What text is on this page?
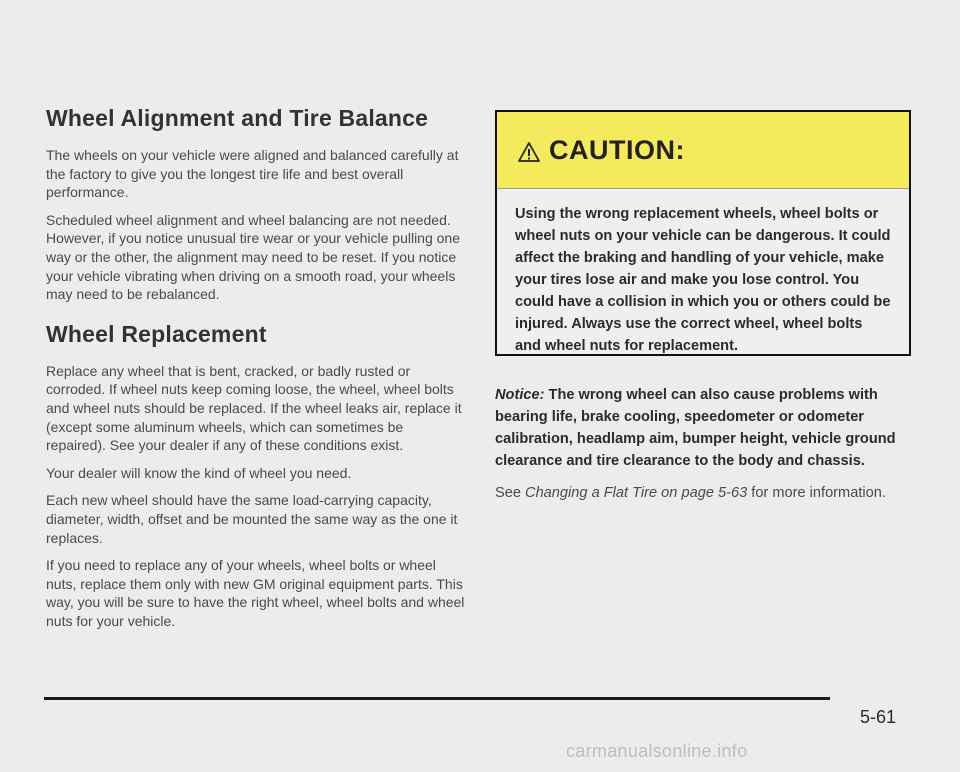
Wheel Alignment and Tire Balance

The wheels on your vehicle were aligned and balanced carefully at the factory to give you the longest tire life and best overall performance.

Scheduled wheel alignment and wheel balancing are not needed. However, if you notice unusual tire wear or your vehicle pulling one way or the other, the alignment may need to be reset. If you notice your vehicle vibrating when driving on a smooth road, your wheels may need to be rebalanced.

Wheel Replacement

Replace any wheel that is bent, cracked, or badly rusted or corroded. If wheel nuts keep coming loose, the wheel, wheel bolts and wheel nuts should be replaced. If the wheel leaks air, replace it (except some aluminum wheels, which can sometimes be repaired). See your dealer if any of these conditions exist.

Your dealer will know the kind of wheel you need.

Each new wheel should have the same load-carrying capacity, diameter, width, offset and be mounted the same way as the one it replaces.

If you need to replace any of your wheels, wheel bolts or wheel nuts, replace them only with new GM original equipment parts. This way, you will be sure to have the right wheel, wheel bolts and wheel nuts for your vehicle.

CAUTION:
Using the wrong replacement wheels, wheel bolts or wheel nuts on your vehicle can be dangerous. It could affect the braking and handling of your vehicle, make your tires lose air and make you lose control. You could have a collision in which you or others could be injured. Always use the correct wheel, wheel bolts and wheel nuts for replacement.
Notice: The wrong wheel can also cause problems with bearing life, brake cooling, speedometer or odometer calibration, headlamp aim, bumper height, vehicle ground clearance and tire clearance to the body and chassis.
See Changing a Flat Tire on page 5-63 for more information.
5-61
carmanualsonline.info
